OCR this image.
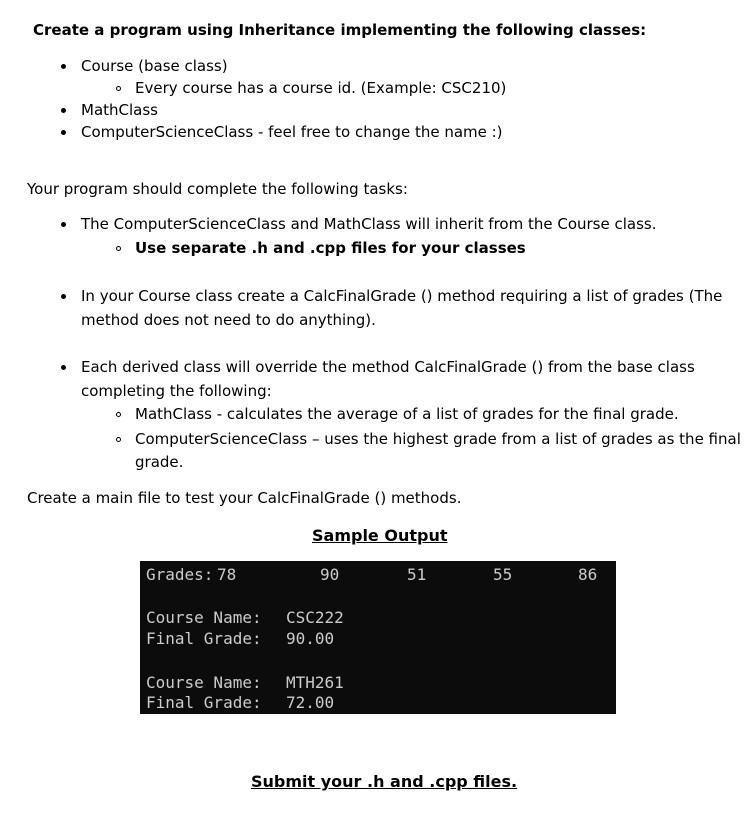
Create a program using Inheritance implementing the following classes:
Course (base class)
Every course has a course id. (Example: CSC210)
MathClass
ComputerScienceClass - feel free to change the name :)
Your program should complete the following tasks:
The ComputerScienceClass and MathClass will inherit from the Course class.
Use separate .h and .cpp files for your classes
In your Course class create a CalcFinalGrade () method requiring a list of grades (The
method does not need to do anything).
Each derived class will override the method CalcFinalGrade () from the base class
completing the following:
MathClass - calculates the average of a list of grades for the final grade.
ComputerScienceClass – uses the highest grade from a list of grades as the final
grade.
Create a main file to test your CalcFinalGrade () methods.
Sample Output
Grades: 78	90	51	55	86
Course Name: CSC222
Final Grade: 90.00
Course Name: MTH261
Final Grade: 72.00
Submit your .h and .cpp files.
